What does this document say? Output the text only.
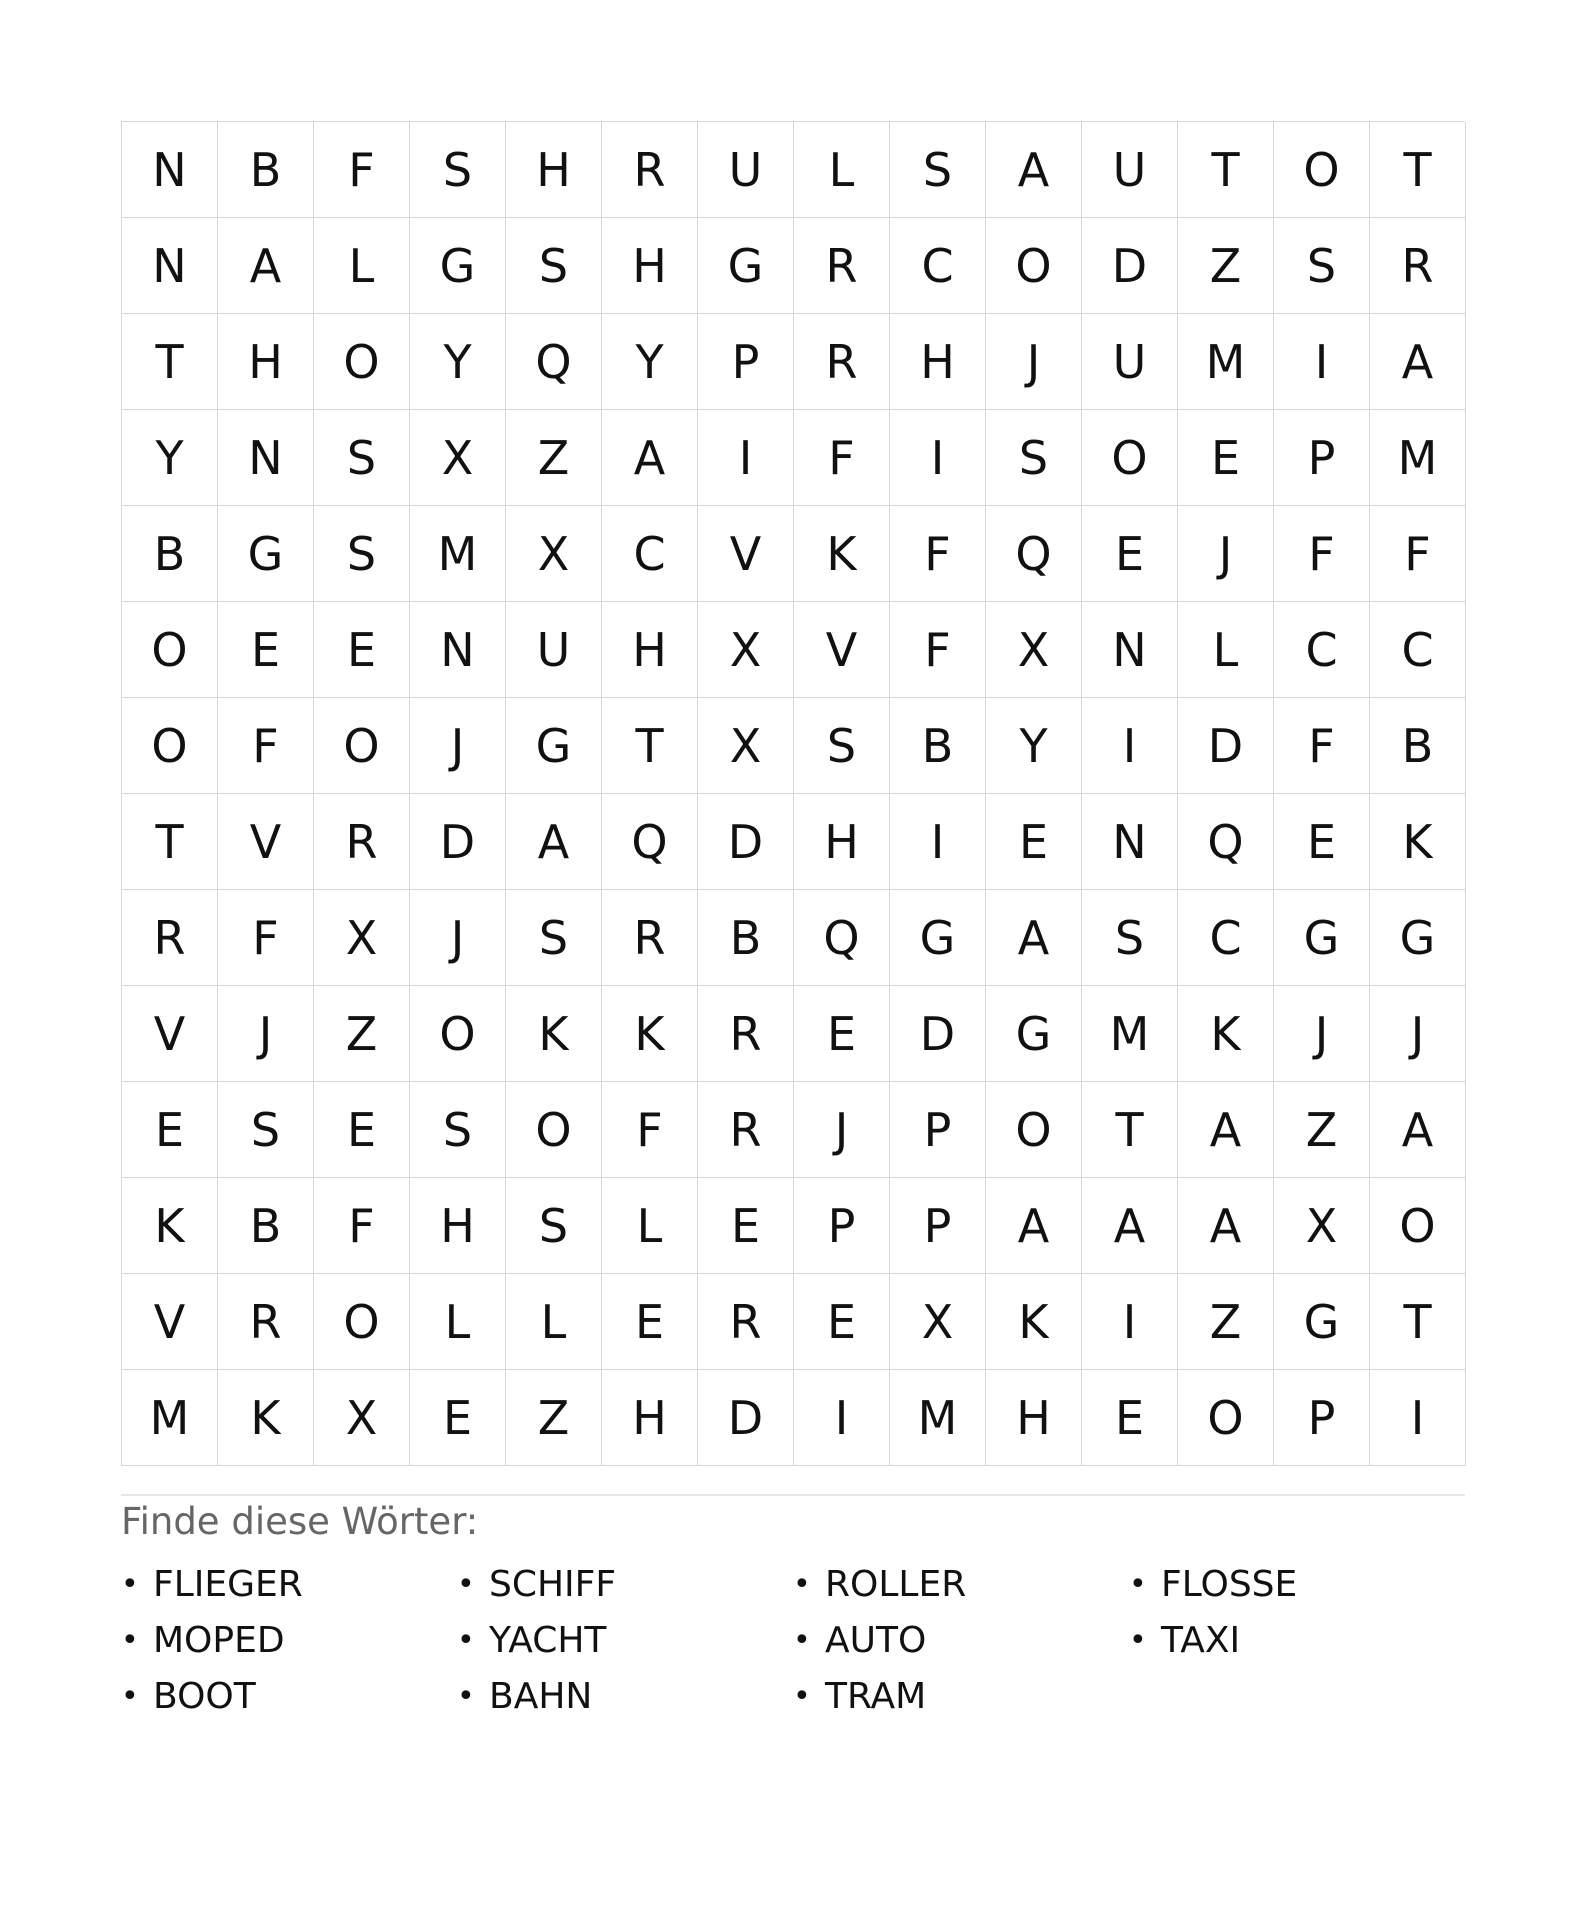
N	B	F	S	H	R	U	L	S	A	U	T	O	T
N	A	L	G	S	H	G	R	C	O	D	Z	S	R
T	H	O	Y	Q	Y	P	R	H	J	U	M	I	A
Y	N	S	X	Z	A	I	F	I	S	O	E	P	M
B	G	S	M	X	C	V	K	F	Q	E	J	F	F
O	E	E	N	U	H	X	V	F	X	N	L	C	C
O	F	O	J	G	T	X	S	B	Y	I	D	F	B
T	V	R	D	A	Q	D	H	I	E	N	Q	E	K
R	F	X	J	S	R	B	Q	G	A	S	C	G	G
V	J	Z	O	K	K	R	E	D	G	M	K	J	J
E	S	E	S	O	F	R	J	P	O	T	A	Z	A
K	B	F	H	S	L	E	P	P	A	A	A	X	O
V	R	O	L	L	E	R	E	X	K	I	Z	G	T
M	K	X	E	Z	H	D	I	M	H	E	O	P	I
Finde diese Wörter:
• FLIEGER	• SCHIFF	• ROLLER	• FLOSSE
• MOPED	• YACHT	• AUTO	• TAXI
• BOOT	• BAHN	• TRAM
